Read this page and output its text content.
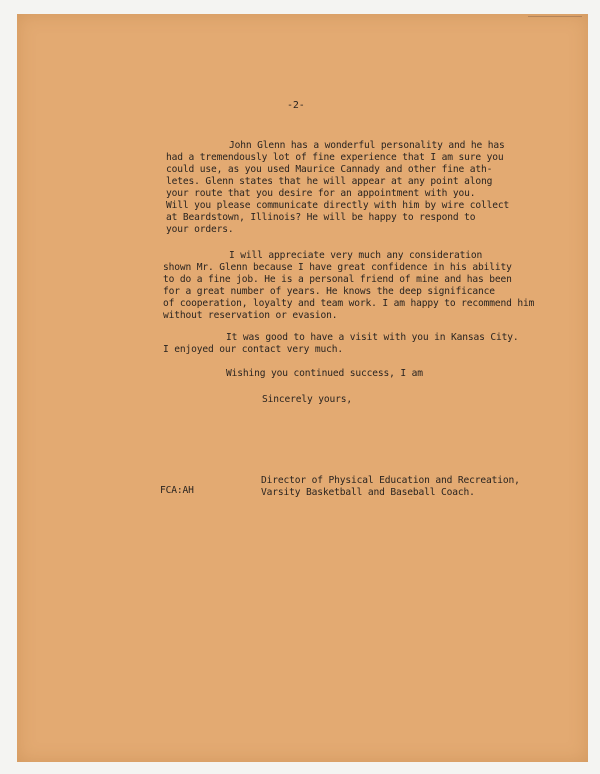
-2-
John Glenn has a wonderful personality and he has
had a tremendously lot of fine experience that I am sure you
could use, as you used Maurice Cannady and other fine ath-
letes. Glenn states that he will appear at any point along
your route that you desire for an appointment with you.
Will you please communicate directly with him by wire collect
at Beardstown, Illinois? He will be happy to respond to
your orders.
I will appreciate very much any consideration
shown Mr. Glenn because I have great confidence in his ability
to do a fine job. He is a personal friend of mine and has been
for a great number of years. He knows the deep significance
of cooperation, loyalty and team work. I am happy to recommend him
without reservation or evasion.
It was good to have a visit with you in Kansas City.
I enjoyed our contact very much.
Wishing you continued success, I am
Sincerely yours,
FCA:AH
Director of Physical Education and Recreation,
Varsity Basketball and Baseball Coach.
